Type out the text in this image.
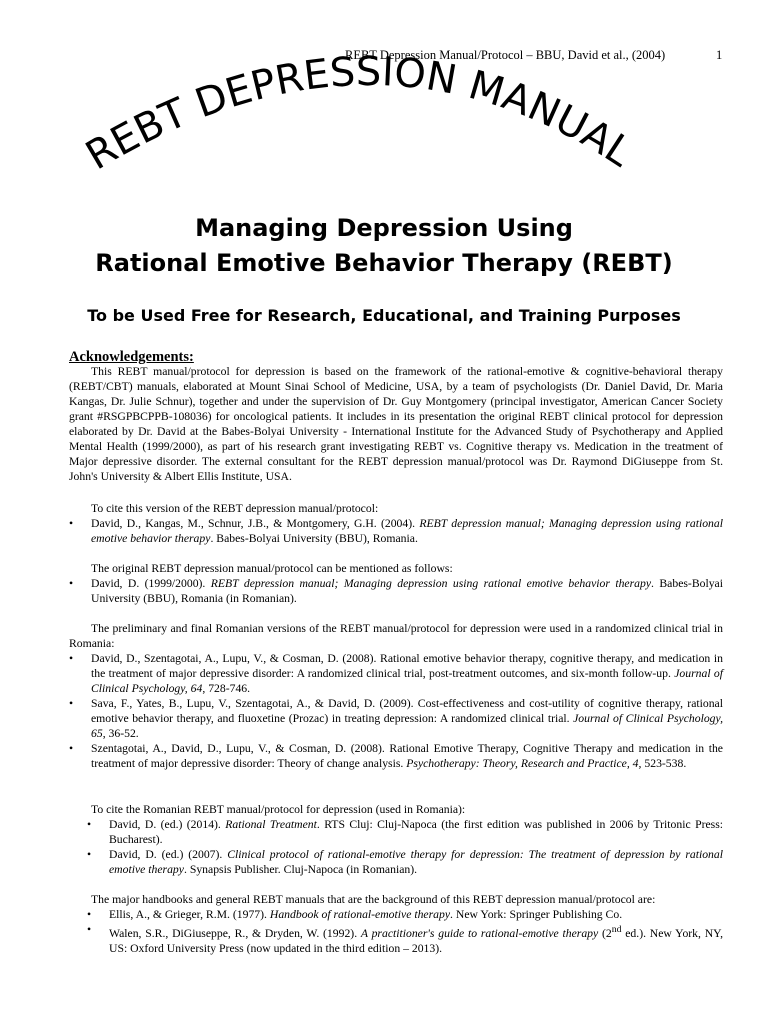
REBT Depression Manual/Protocol – BBU, David et al., (2004)	1
REBT DEPRESSION MANUAL
Managing Depression Using
Rational Emotive Behavior Therapy (REBT)
To be Used Free for Research, Educational, and Training Purposes
Acknowledgements:

This REBT manual/protocol for depression is based on the framework of the rational-emotive & cognitive-behavioral therapy (REBT/CBT) manuals, elaborated at Mount Sinai School of Medicine, USA, by a team of psychologists (Dr. Daniel David, Dr. Maria Kangas, Dr. Julie Schnur), together and under the supervision of Dr. Guy Montgomery (principal investigator, American Cancer Society grant #RSGPBCPPB-108036) for oncological patients. It includes in its presentation the original REBT clinical protocol for depression elaborated by Dr. David at the Babes-Bolyai University - International Institute for the Advanced Study of Psychotherapy and Applied Mental Health (1999/2000), as part of his research grant investigating REBT vs. Cognitive therapy vs. Medication in the treatment of Major depressive disorder. The external consultant for the REBT depression manual/protocol was Dr. Raymond DiGiuseppe from St. John's University & Albert Ellis Institute, USA.

To cite this version of the REBT depression manual/protocol:

• David, D., Kangas, M., Schnur, J.B., & Montgomery, G.H. (2004). REBT depression manual; Managing depression using rational emotive behavior therapy. Babes-Bolyai University (BBU), Romania.

The original REBT depression manual/protocol can be mentioned as follows:

• David, D. (1999/2000). REBT depression manual; Managing depression using rational emotive behavior therapy. Babes-Bolyai University (BBU), Romania (in Romanian).

The preliminary and final Romanian versions of the REBT manual/protocol for depression were used in a randomized clinical trial in Romania:

• David, D., Szentagotai, A., Lupu, V., & Cosman, D. (2008). Rational emotive behavior therapy, cognitive therapy, and medication in the treatment of major depressive disorder: A randomized clinical trial, post-treatment outcomes, and six-month follow-up. Journal of Clinical Psychology, 64, 728-746.
• Sava, F., Yates, B., Lupu, V., Szentagotai, A., & David, D. (2009). Cost-effectiveness and cost-utility of cognitive therapy, rational emotive behavior therapy, and fluoxetine (Prozac) in treating depression: A randomized clinical trial. Journal of Clinical Psychology, 65, 36-52.
• Szentagotai, A., David, D., Lupu, V., & Cosman, D. (2008). Rational Emotive Therapy, Cognitive Therapy and medication in the treatment of major depressive disorder: Theory of change analysis. Psychotherapy: Theory, Research and Practice, 4, 523-538.

To cite the Romanian REBT manual/protocol for depression (used in Romania):

• David, D. (ed.) (2014). Rational Treatment. RTS Cluj: Cluj-Napoca (the first edition was published in 2006 by Tritonic Press: Bucharest).
• David, D. (ed.) (2007). Clinical protocol of rational-emotive therapy for depression: The treatment of depression by rational emotive therapy. Synapsis Publisher. Cluj-Napoca (in Romanian).

The major handbooks and general REBT manuals that are the background of this REBT depression manual/protocol are:

• Ellis, A., & Grieger, R.M. (1977). Handbook of rational-emotive therapy. New York: Springer Publishing Co.
• Walen, S.R., DiGiuseppe, R., & Dryden, W. (1992). A practitioner's guide to rational-emotive therapy (2nd ed.). New York, NY, US: Oxford University Press (now updated in the third edition – 2013).
